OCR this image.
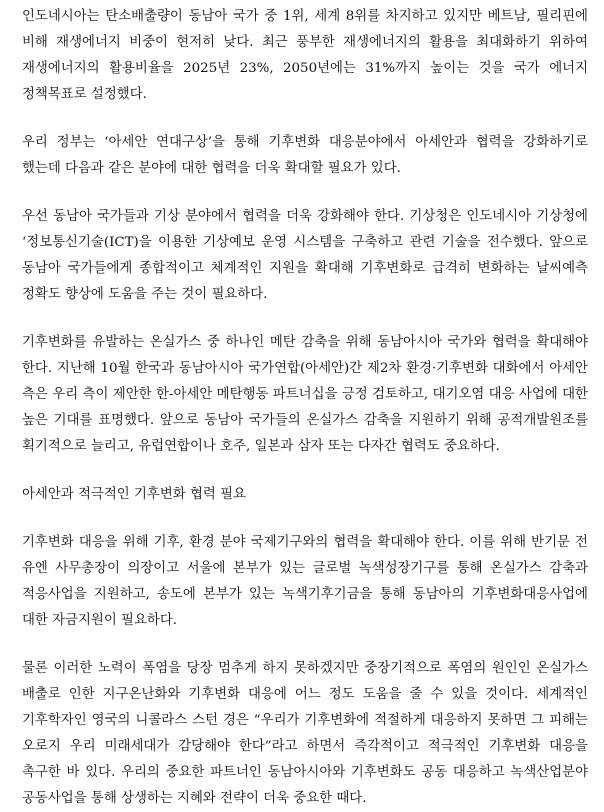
인도네시아는 탄소배출량이 동남아 국가 중 1위, 세계 8위를 차지하고 있지만 베트남, 필리핀에 비해 재생에너지 비중이 현저히 낮다. 최근 풍부한 재생에너지의 활용을 최대화하기 위하여 재생에너지의 활용비율을 2025년 23%, 2050년에는 31%까지 높이는 것을 국가 에너지 정책목표로 설정했다.

우리 정부는 ‘아세안 연대구상’을 통해 기후변화 대응분야에서 아세안과 협력을 강화하기로 했는데 다음과 같은 분야에 대한 협력을 더욱 확대할 필요가 있다.

우선 동남아 국가들과 기상 분야에서 협력을 더욱 강화해야 한다. 기상청은 인도네시아 기상청에 ‘정보통신기술(ICT)을 이용한 기상예보 운영 시스템을 구축하고 관련 기술을 전수했다. 앞으로 동남아 국가들에게 종합적이고 체계적인 지원을 확대해 기후변화로 급격히 변화하는 날씨예측 정확도 향상에 도움을 주는 것이 필요하다.

기후변화를 유발하는 온실가스 중 하나인 메탄 감축을 위해 동남아시아 국가와 협력을 확대해야 한다. 지난해 10월 한국과 동남아시아 국가연합(아세안)간 제2차 환경·기후변화 대화에서 아세안 측은 우리 측이 제안한 한-아세안 메탄행동 파트너십을 긍정 검토하고, 대기오염 대응 사업에 대한 높은 기대를 표명했다. 앞으로 동남아 국가들의 온실가스 감축을 지원하기 위해 공적개발원조를 획기적으로 늘리고, 유럽연합이나 호주, 일본과 삼자 또는 다자간 협력도 중요하다.

아세안과 적극적인 기후변화 협력 필요

기후변화 대응을 위해 기후, 환경 분야 국제기구와의 협력을 확대해야 한다. 이를 위해 반기문 전 유엔 사무총장이 의장이고 서울에 본부가 있는 글로벌 녹색성장기구를 통해 온실가스 감축과 적응사업을 지원하고, 송도에 본부가 있는 녹색기후기금을 통해 동남아의 기후변화대응사업에 대한 자금지원이 필요하다.

물론 이러한 노력이 폭염을 당장 멈추게 하지 못하겠지만 중장기적으로 폭염의 원인인 온실가스 배출로 인한 지구온난화와 기후변화 대응에 어느 정도 도움을 줄 수 있을 것이다. 세계적인 기후학자인 영국의 니콜라스 스턴 경은 “우리가 기후변화에 적절하게 대응하지 못하면 그 피해는 오로지 우리 미래세대가 감당해야 한다”라고 하면서 즉각적이고 적극적인 기후변화 대응을 촉구한 바 있다. 우리의 중요한 파트너인 동남아시아와 기후변화도 공동 대응하고 녹색산업분야 공동사업을 통해 상생하는 지혜와 전략이 더욱 중요한 때다.
